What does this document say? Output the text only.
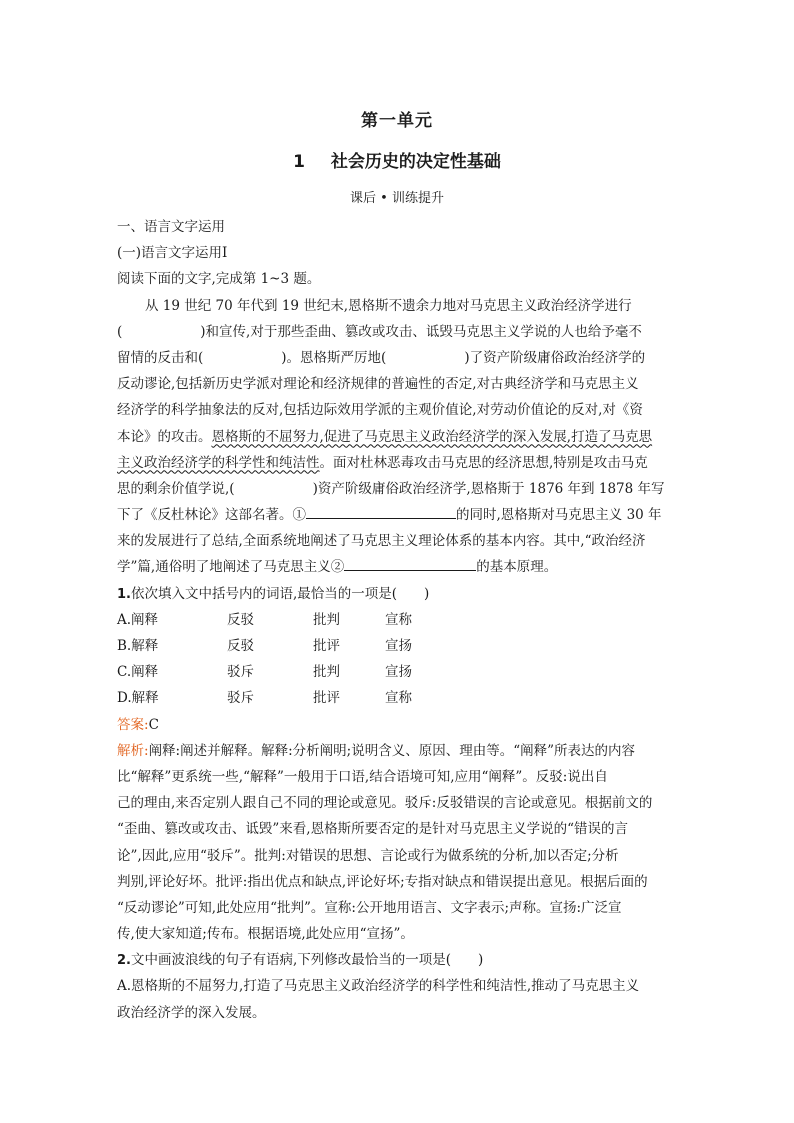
第一单元
1 社会历史的决定性基础
课后 • 训练提升
一、语言文字运用
(一)语言文字运用Ⅰ
阅读下面的文字,完成第 1~3 题。
从 19 世纪 70 年代到 19 世纪末,恩格斯不遗余力地对马克思主义政治经济学进行
(	)和宣传,对于那些歪曲、篡改或攻击、诋毁马克思主义学说的人也给予毫不
留情的反击和(	)。恩格斯严厉地(	)了资产阶级庸俗政治经济学的
反动谬论,包括新历史学派对理论和经济规律的普遍性的否定,对古典经济学和马克思主义
经济学的科学抽象法的反对,包括边际效用学派的主观价值论,对劳动价值论的反对,对《资
本论》的攻击。恩格斯的不屈努力,促进了马克思主义政治经济学的深入发展,打造了马克思
主义政治经济学的科学性和纯洁性。面对杜林恶毒攻击马克思的经济思想,特别是攻击马克
思的剩余价值学说,(	)资产阶级庸俗政治经济学,恩格斯于 1876 年到 1878 年写
下了《反杜林论》这部名著。①	的同时,恩格斯对马克思主义 30 年
来的发展进行了总结,全面系统地阐述了马克思主义理论体系的基本内容。其中,“政治经济
学”篇,通俗明了地阐述了马克思主义②	的基本原理。
1.依次填入文中括号内的词语,最恰当的一项是(　　)
A.阐释	反驳	批判	宣称
B.解释	反驳	批评	宣扬
C.阐释	驳斥	批判	宣扬
D.解释	驳斥	批评	宣称
答案:C
解析:阐释:阐述并解释。解释:分析阐明;说明含义、原因、理由等。“阐释”所表达的内容
比“解释”更系统一些,“解释”一般用于口语,结合语境可知,应用“阐释”。反驳:说出自
己的理由,来否定别人跟自己不同的理论或意见。驳斥:反驳错误的言论或意见。根据前文的
“歪曲、篡改或攻击、诋毁”来看,恩格斯所要否定的是针对马克思主义学说的“错误的言
论”,因此,应用“驳斥”。批判:对错误的思想、言论或行为做系统的分析,加以否定;分析
判别,评论好坏。批评:指出优点和缺点,评论好坏;专指对缺点和错误提出意见。根据后面的
“反动谬论”可知,此处应用“批判”。宣称:公开地用语言、文字表示;声称。宣扬:广泛宣
传,使大家知道;传布。根据语境,此处应用“宣扬”。
2.文中画波浪线的句子有语病,下列修改最恰当的一项是(　　)
A.恩格斯的不屈努力,打造了马克思主义政治经济学的科学性和纯洁性,推动了马克思主义
政治经济学的深入发展。
